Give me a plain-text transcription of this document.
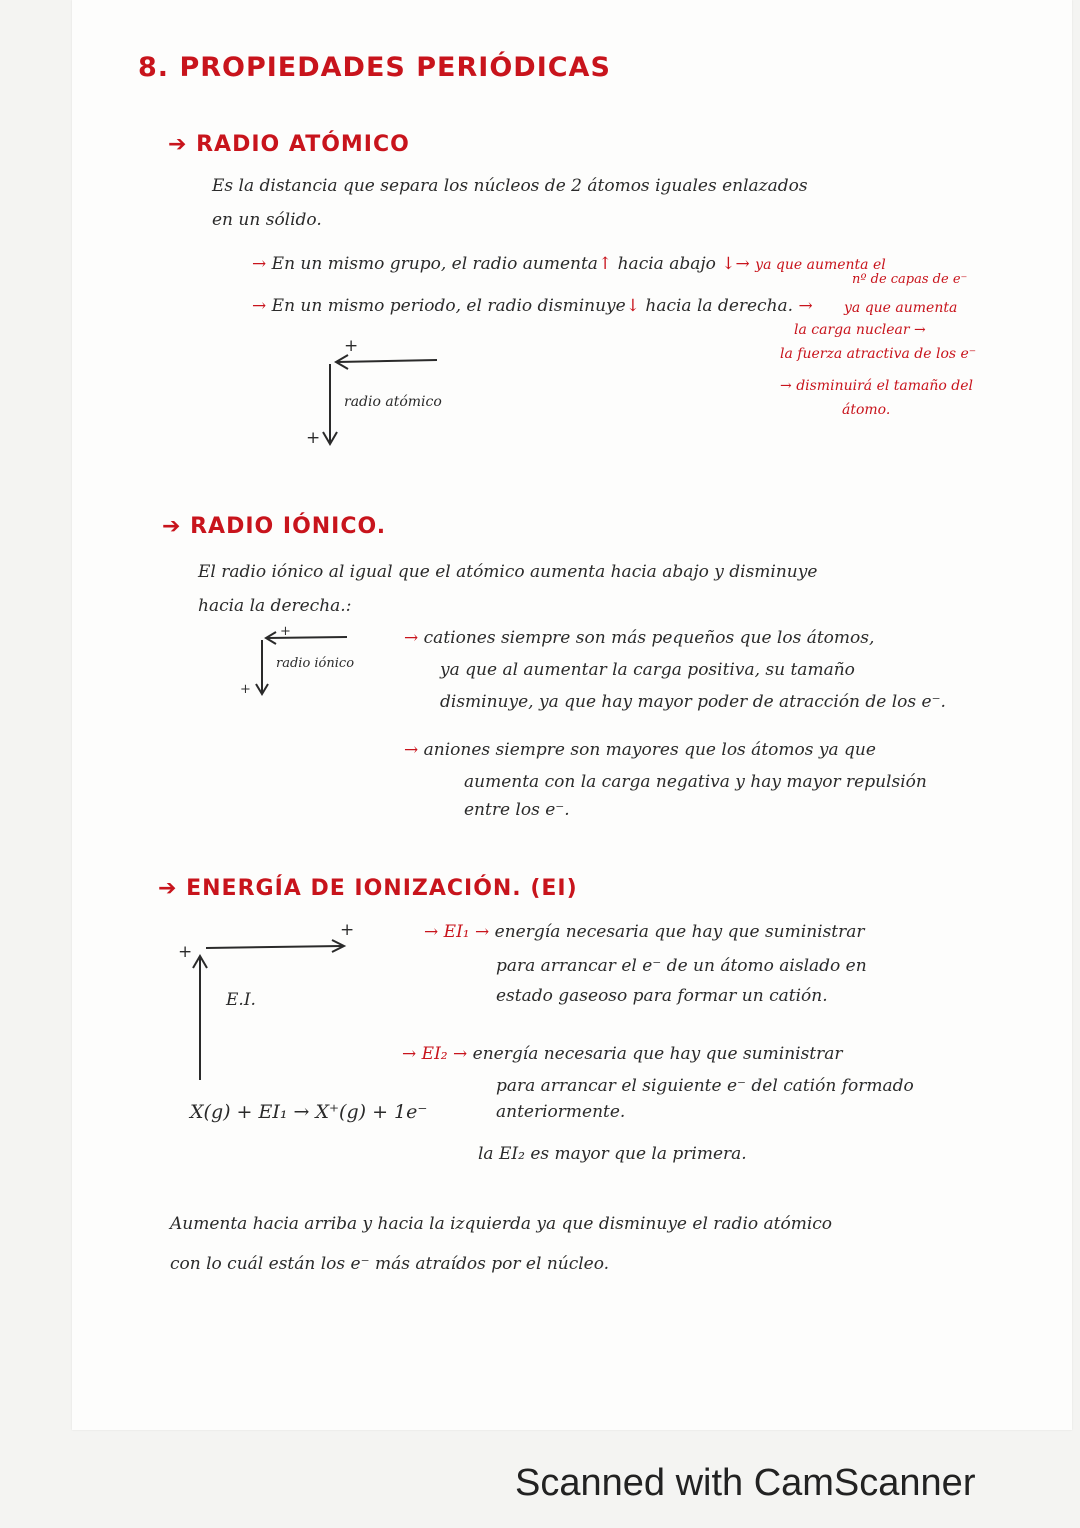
8. PROPIEDADES PERIÓDICAS
➔ RADIO ATÓMICO
Es la distancia que separa los núcleos de 2 átomos iguales enlazados
en un sólido.
→ En un mismo grupo, el radio aumenta↑ hacia abajo ↓→ ya que aumenta el
nº de capas de e⁻
→ En un mismo periodo, el radio disminuye↓ hacia la derecha. → ya que aumenta
la carga nuclear →
la fuerza atractiva de los e⁻
→ disminuirá el tamaño del
átomo.
+
+
radio atómico
➔ RADIO IÓNICO.
El radio iónico al igual que el atómico aumenta hacia abajo y disminuye
hacia la derecha.:
+
+
radio iónico
→ cationes siempre son más pequeños que los átomos,
ya que al aumentar la carga positiva, su tamaño
disminuye, ya que hay mayor poder de atracción de los e⁻.
→ aniones siempre son mayores que los átomos ya que
aumenta con la carga negativa y hay mayor repulsión
entre los e⁻.
➔ ENERGÍA DE IONIZACIÓN. (EI)
+
+
E.I.
→ EI₁ → energía necesaria que hay que suministrar
para arrancar el e⁻ de un átomo aislado en
estado gaseoso para formar un catión.
→ EI₂ → energía necesaria que hay que suministrar
para arrancar el siguiente e⁻ del catión formado
anteriormente.
la EI₂ es mayor que la primera.
X(g) + EI₁ → X⁺(g) + 1e⁻
Aumenta hacia arriba y hacia la izquierda ya que disminuye el radio atómico
con lo cuál están los e⁻ más atraídos por el núcleo.
Scanned with CamScanner
